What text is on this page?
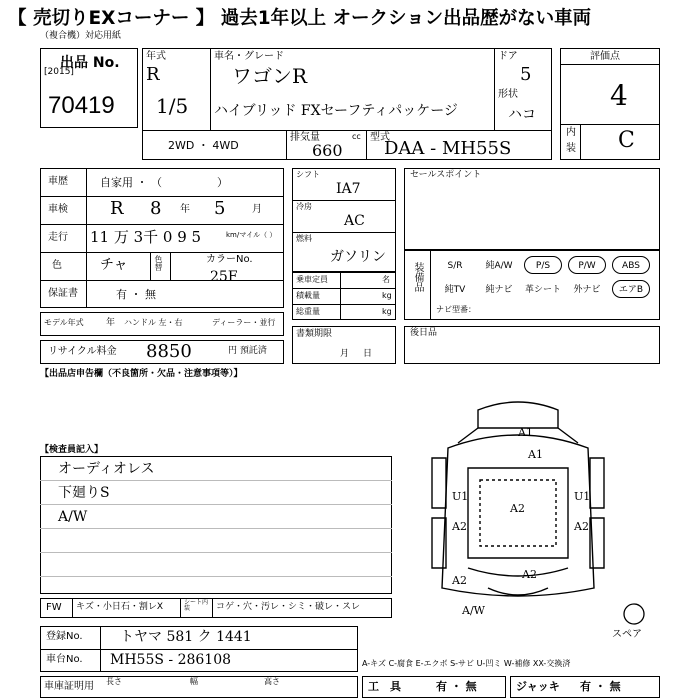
【 売切りEXコーナー 】 過去1年以上 オークション出品歴がない車両
（複合機）対応用紙
出品 No.
[2015]
70419
年式
R
1/5
車名・グレード
ワゴンR
ハイブリッド FXセーフティパッケージ
ドア
5
形状
ハコ
2WD ・ 4WD
排気量	cc
660
型式
DAA - MH55S
評価点
4
内
装 C
車歴	自家用 ・ （　　　　　）
車検 R 8 年 5	月
走行 11 万 3千 0 9 5	km/マイル（ ）
色	チャ	色替	カラーNo.
25F
保証書	有 ・ 無
モデル年式 年 ハンドル 左・右	ディーラー・並行
リサイクル料金 8850	円 預託済
シフト
IA7
冷房
AC
燃料
ガソリン
乗車定員	名
積載量	kg
総重量	kg
書類期限
月日
セールスポイント
装備品	S/R	純A/W	P/S	P/W	ABS
純TV	純ナビ	革シート	外ナビ	エアB
ナビ型番：
後日品
【出品店申告欄（不良箇所・欠品・注意事項等）】
【検査員記入】
オーディオレス
下廻りS
A/W
A1
A2
U1	U1
A2	A2
A1
A2	A2
A/W
スペア
FW キズ・小日石・割レX	シート内装	コゲ・穴・汚レ・シミ・破レ・スレ
登録No.	トヤマ 581 ク 1441
車台No. MH55S - 286108	A-キズ C-腐食 E-エクボ S-サビ U-凹ミ W-補修 XX-交換済
車庫証明用 長さ	幅	高さ	工　具	有 ・ 無	ジャッキ 有 ・ 無
